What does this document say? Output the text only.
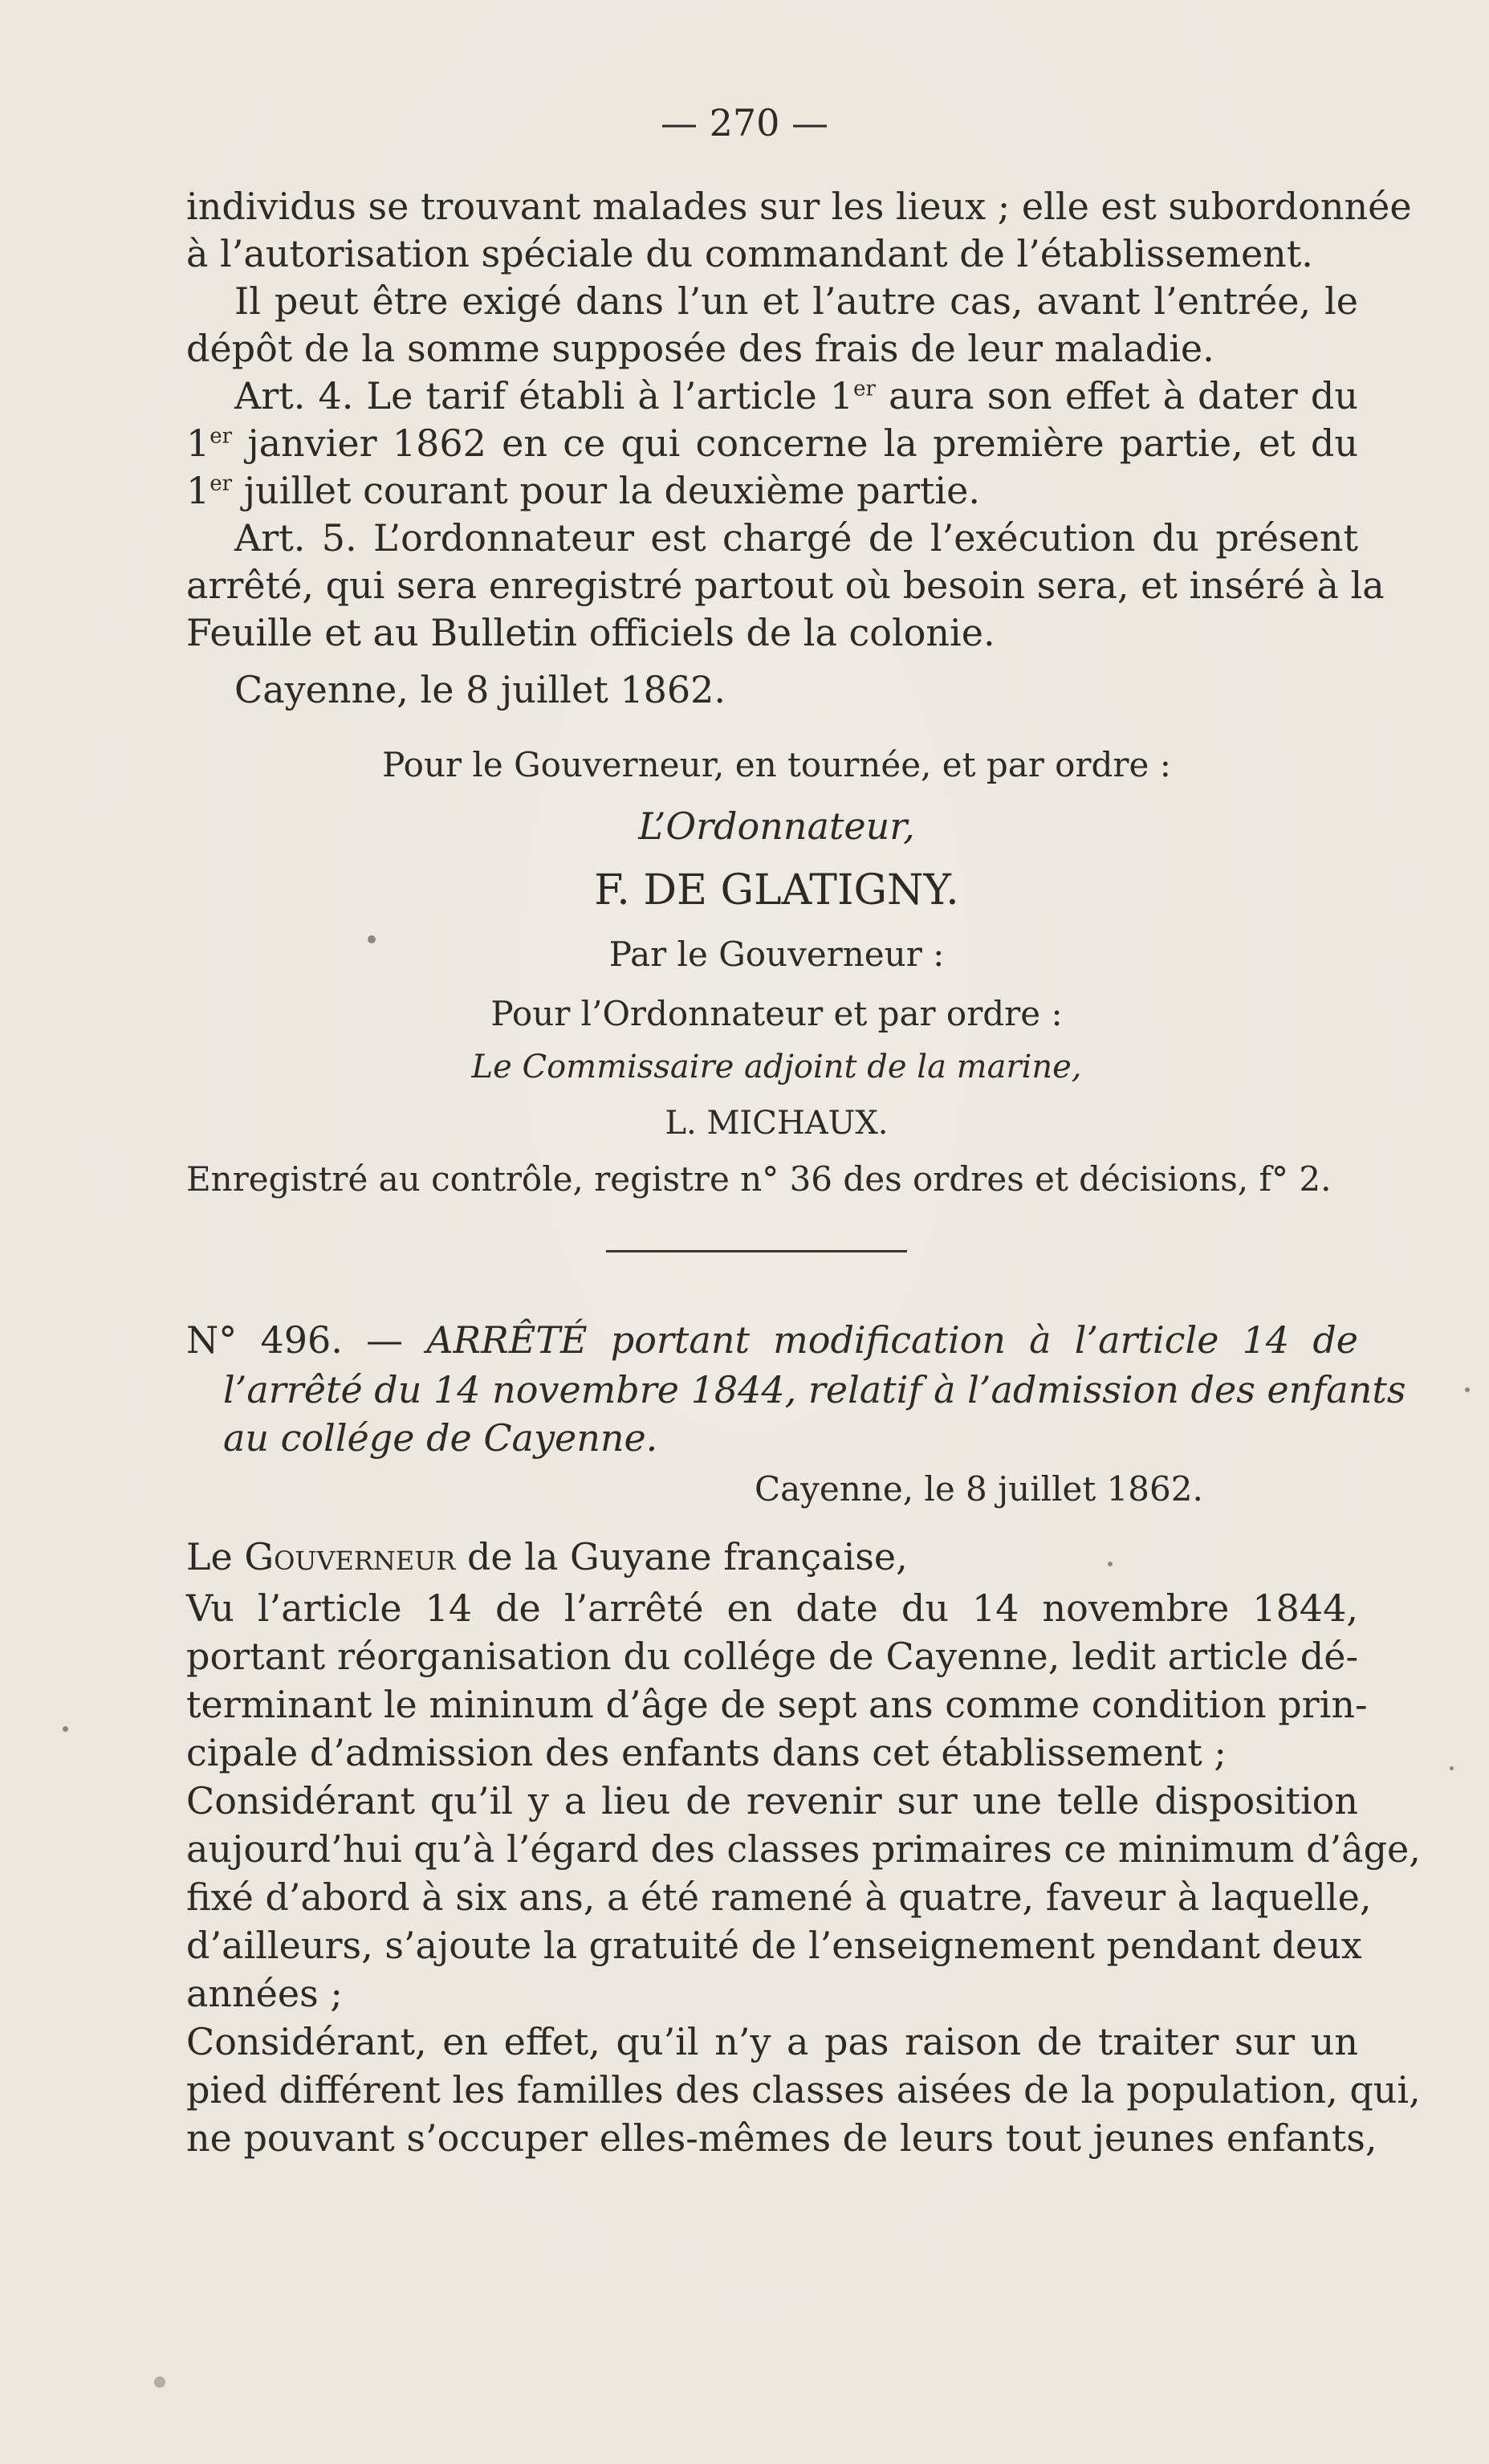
— 270 —
individus se trouvant malades sur les lieux ; elle est subordonnée
à l’autorisation spéciale du commandant de l’établissement.
Il peut être exigé dans l’un et l’autre cas, avant l’entrée, le
dépôt de la somme supposée des frais de leur maladie.
Art. 4. Le tarif établi à l’article 1er aura son effet à dater du
1er janvier 1862 en ce qui concerne la première partie, et du
1er juillet courant pour la deuxième partie.
Art. 5. L’ordonnateur est chargé de l’exécution du présent
arrêté, qui sera enregistré partout où besoin sera, et inséré à la
Feuille et au Bulletin officiels de la colonie.
Cayenne, le 8 juillet 1862.
Pour le Gouverneur, en tournée, et par ordre :
L’Ordonnateur,
F. DE GLATIGNY.
Par le Gouverneur :
Pour l’Ordonnateur et par ordre :
Le Commissaire adjoint de la marine,
L. MICHAUX.
Enregistré au contrôle, registre n° 36 des ordres et décisions, f° 2.
N° 496. — ARRÊTÉ portant modification à l’article 14 de
l’arrêté du 14 novembre 1844, relatif à l’admission des enfants
au collége de Cayenne.
Cayenne, le 8 juillet 1862.
Le Gouverneur de la Guyane française,
Vu l’article 14 de l’arrêté en date du 14 novembre 1844,
portant réorganisation du collége de Cayenne, ledit article dé-
terminant le mininum d’âge de sept ans comme condition prin-
cipale d’admission des enfants dans cet établissement ;
Considérant qu’il y a lieu de revenir sur une telle disposition
aujourd’hui qu’à l’égard des classes primaires ce minimum d’âge,
fixé d’abord à six ans, a été ramené à quatre, faveur à laquelle,
d’ailleurs, s’ajoute la gratuité de l’enseignement pendant deux
années ;
Considérant, en effet, qu’il n’y a pas raison de traiter sur un
pied différent les familles des classes aisées de la population, qui,
ne pouvant s’occuper elles-mêmes de leurs tout jeunes enfants,
